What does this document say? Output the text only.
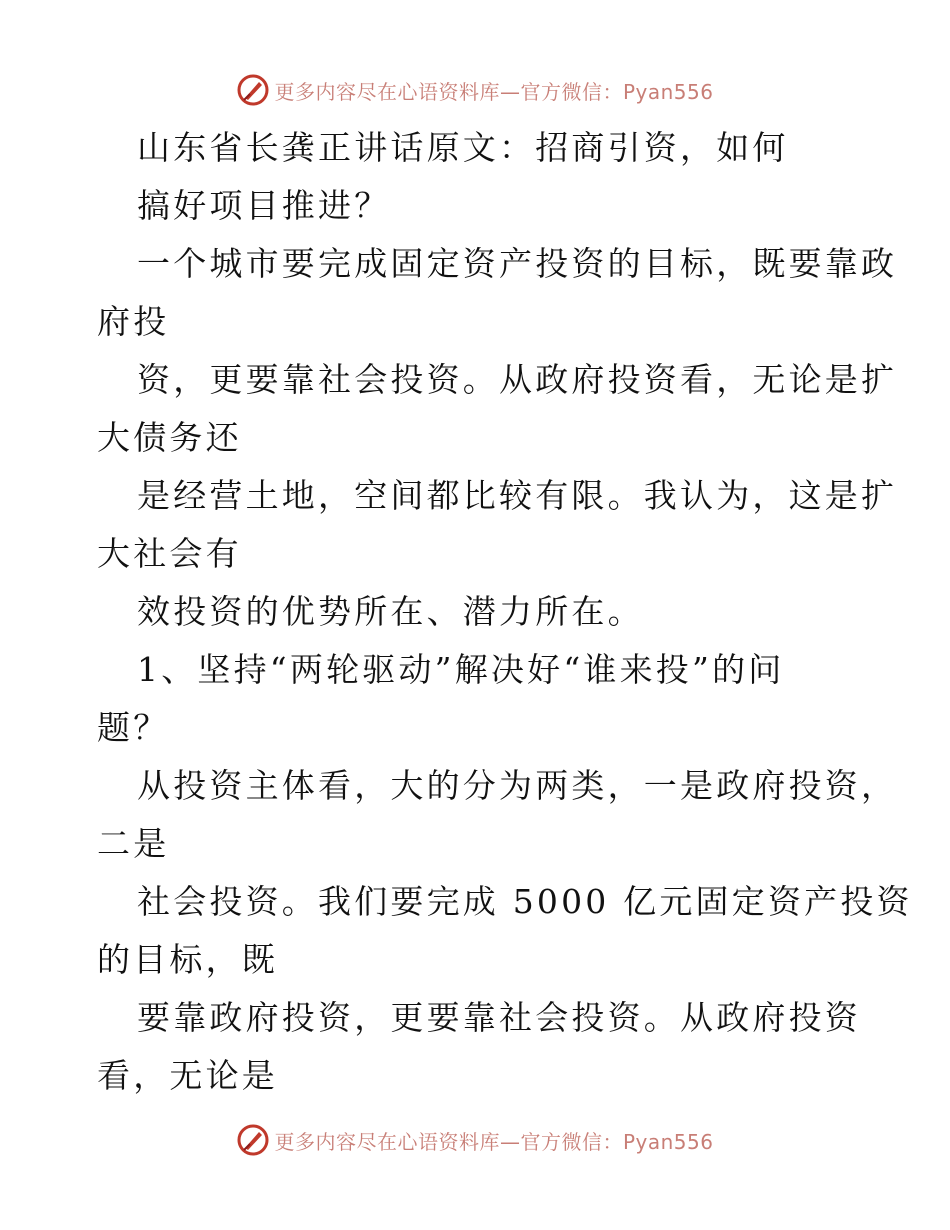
更多内容尽在心语资料库—官方微信：Pyan556
山东省长龚正讲话原文：招商引资，如何
搞好项目推进？
一个城市要完成固定资产投资的目标，既要靠政
府投
资，更要靠社会投资。从政府投资看，无论是扩
大债务还
是经营土地，空间都比较有限。我认为，这是扩
大社会有
效投资的优势所在、潜力所在。
1、坚持“两轮驱动”解决好“谁来投”的问
题？
从投资主体看，大的分为两类，一是政府投资，
二是
社会投资。我们要完成 5000 亿元固定资产投资
的目标，既
要靠政府投资，更要靠社会投资。从政府投资
看，无论是
更多内容尽在心语资料库—官方微信：Pyan556
